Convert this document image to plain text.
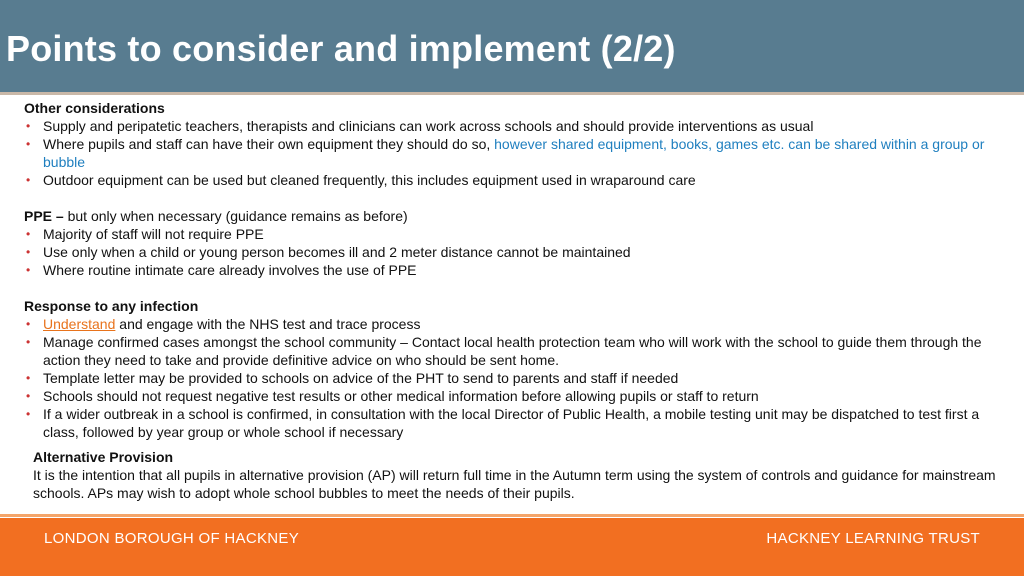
Points to consider and implement (2/2)
Other considerations
• Supply and peripatetic teachers, therapists and clinicians can work across schools and should provide interventions as usual
• Where pupils and staff can have their own equipment they should do so, however shared equipment, books, games etc. can be shared within a group or bubble
• Outdoor equipment can be used but cleaned frequently, this includes equipment used in wraparound care
PPE – but only when necessary (guidance remains as before)
• Majority of staff will not require PPE
• Use only when a child or young person becomes ill and 2 meter distance cannot be maintained
• Where routine intimate care already involves the use of PPE
Response to any infection
• Understand and engage with the NHS test and trace process
• Manage confirmed cases amongst the school community – Contact local health protection team who will work with the school to guide them through the action they need to take and provide definitive advice on who should be sent home.
• Template letter may be provided to schools on advice of the PHT to send to parents and staff if needed
• Schools should not request negative test results or other medical information before allowing pupils or staff to return
• If a wider outbreak in a school is confirmed, in consultation with the local Director of Public Health, a mobile testing unit may be dispatched to test first a class, followed by year group or whole school if necessary
Alternative Provision
It is the intention that all pupils in alternative provision (AP) will return full time in the Autumn term using the system of controls and guidance for mainstream schools. APs may wish to adopt whole school bubbles to meet the needs of their pupils.
LONDON BOROUGH OF HACKNEY	HACKNEY LEARNING TRUST
